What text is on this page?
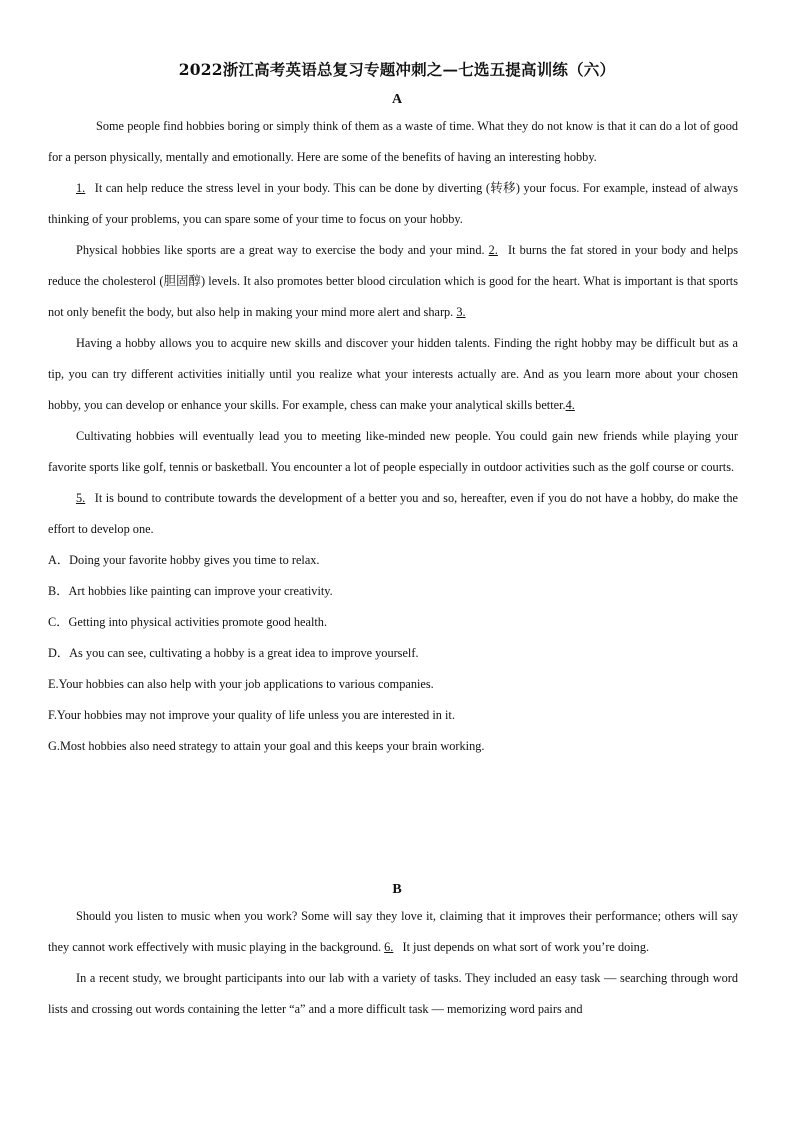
2022浙江高考英语总复习专题冲刺之—七选五提高训练（六）
A

Some people find hobbies boring or simply think of them as a waste of time. What they do not know is that it can do a lot of good for a person physically, mentally and emotionally. Here are some of the benefits of having an interesting hobby.

1. It can help reduce the stress level in your body. This can be done by diverting (转移) your focus. For example, instead of always thinking of your problems, you can spare some of your time to focus on your hobby.

Physical hobbies like sports are a great way to exercise the body and your mind. 2. It burns the fat stored in your body and helps reduce the cholesterol (胆固醇) levels. It also promotes better blood circulation which is good for the heart. What is important is that sports not only benefit the body, but also help in making your mind more alert and sharp. 3.

Having a hobby allows you to acquire new skills and discover your hidden talents. Finding the right hobby may be difficult but as a tip, you can try different activities initially until you realize what your interests actually are. And as you learn more about your chosen hobby, you can develop or enhance your skills. For example, chess can make your analytical skills better.4.

Cultivating hobbies will eventually lead you to meeting like-minded new people. You could gain new friends while playing your favorite sports like golf, tennis or basketball. You encounter a lot of people especially in outdoor activities such as the golf course or courts.

5. It is bound to contribute towards the development of a better you and so, hereafter, even if you do not have a hobby, do make the effort to develop one.

A．Doing your favorite hobby gives you time to relax.

B．Art hobbies like painting can improve your creativity.

C．Getting into physical activities promote good health.

D．As you can see, cultivating a hobby is a great idea to improve yourself.

E.Your hobbies can also help with your job applications to various companies.

F.Your hobbies may not improve your quality of life unless you are interested in it.

G.Most hobbies also need strategy to attain your goal and this keeps your brain working.

B

Should you listen to music when you work? Some will say they love it, claiming that it improves their performance; others will say they cannot work effectively with music playing in the background. 6. It just depends on what sort of work you’re doing.

In a recent study, we brought participants into our lab with a variety of tasks. They included an easy task — searching through word lists and crossing out words containing the letter “a” and a more difficult task — memorizing word pairs and
